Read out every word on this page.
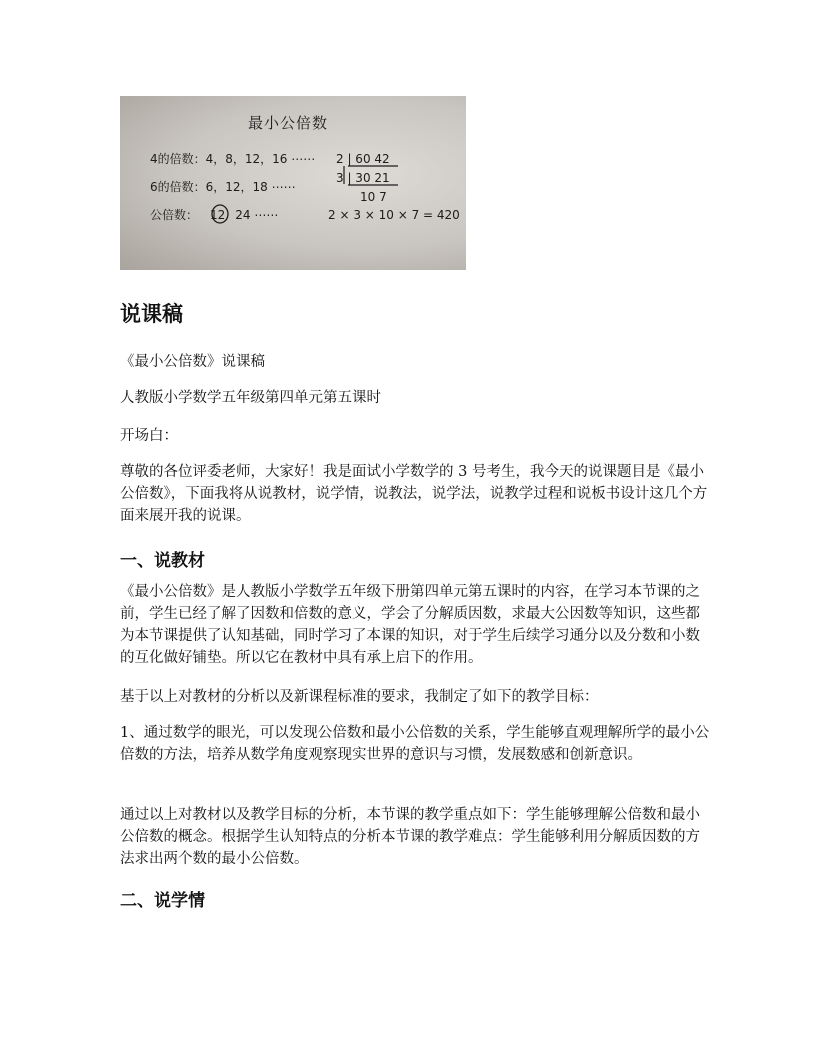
最小公倍数
4的倍数：4，8，12，16 ⋯⋯
6的倍数：6，12，18 ⋯⋯
公倍数： 12 24 ⋯⋯
2 | 60 42
3 | 30 21
10 7
2 × 3 × 10 × 7 = 420
说课稿

《最小公倍数》说课稿

人教版小学数学五年级第四单元第五课时

开场白：

尊敬的各位评委老师，大家好！我是面试小学数学的 3 号考生，我今天的说课题目是《最小公倍数》，下面我将从说教材，说学情，说教法，说学法，说教学过程和说板书设计这几个方面来展开我的说课。

一、说教材

《最小公倍数》是人教版小学数学五年级下册第四单元第五课时的内容，在学习本节课的之前，学生已经了解了因数和倍数的意义，学会了分解质因数，求最大公因数等知识，这些都为本节课提供了认知基础，同时学习了本课的知识，对于学生后续学习通分以及分数和小数的互化做好铺垫。所以它在教材中具有承上启下的作用。

基于以上对教材的分析以及新课程标准的要求，我制定了如下的教学目标：

1、通过数学的眼光，可以发现公倍数和最小公倍数的关系，学生能够直观理解所学的最小公倍数的方法，培养从数学角度观察现实世界的意识与习惯，发展数感和创新意识。

通过以上对教材以及教学目标的分析，本节课的教学重点如下：学生能够理解公倍数和最小公倍数的概念。根据学生认知特点的分析本节课的教学难点：学生能够利用分解质因数的方法求出两个数的最小公倍数。

二、说学情
